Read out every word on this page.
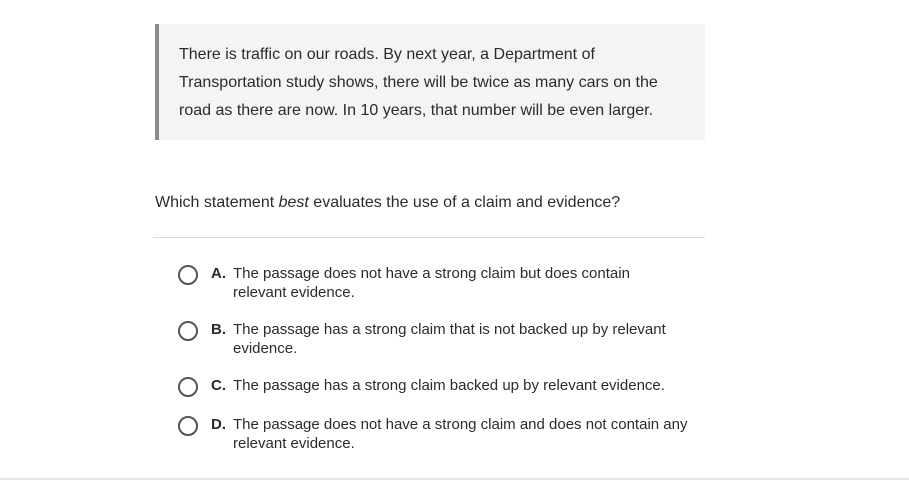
There is traffic on our roads. By next year, a Department of Transportation study shows, there will be twice as many cars on the road as there are now. In 10 years, that number will be even larger.
Which statement best evaluates the use of a claim and evidence?
A. The passage does not have a strong claim but does contain relevant evidence.
B. The passage has a strong claim that is not backed up by relevant evidence.
C. The passage has a strong claim backed up by relevant evidence.
D. The passage does not have a strong claim and does not contain any relevant evidence.
